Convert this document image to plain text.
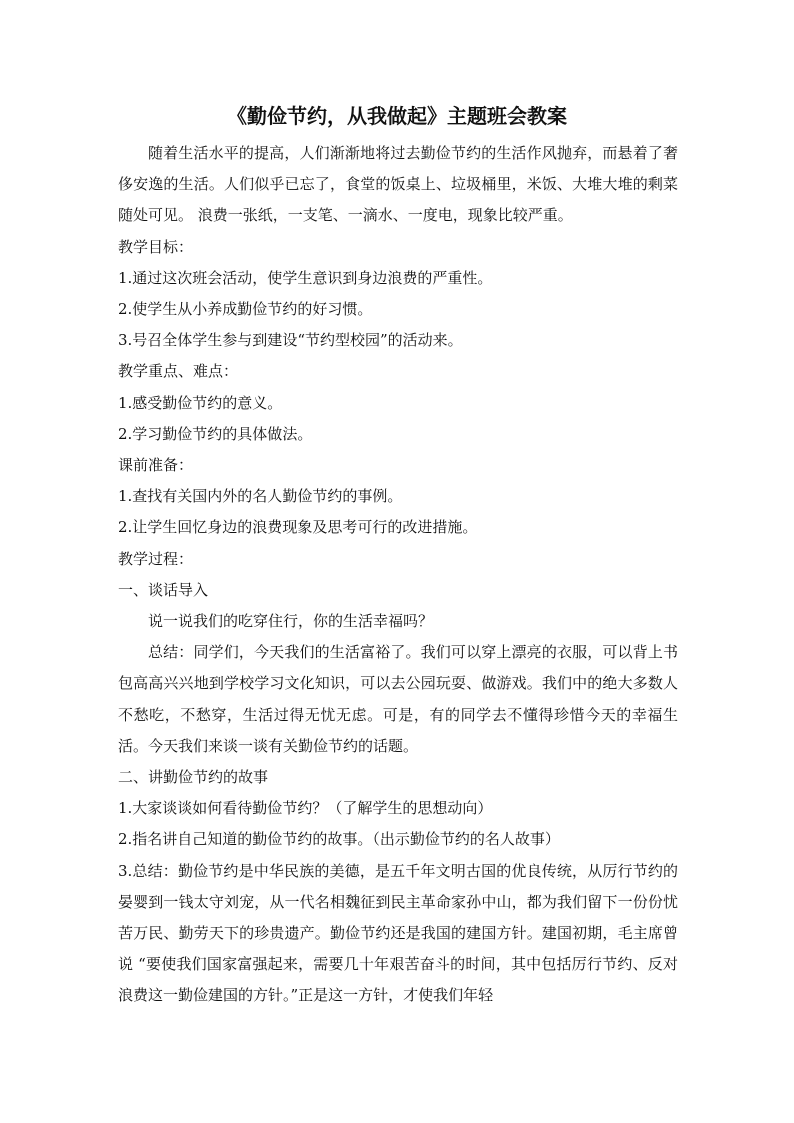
《勤俭节约，从我做起》主题班会教案

随着生活水平的提高，人们渐渐地将过去勤俭节约的生活作风抛弃，而悬着了奢侈安逸的生活。人们似乎已忘了，食堂的饭桌上、垃圾桶里，米饭、大堆大堆的剩菜随处可见。 浪费一张纸，一支笔、一滴水、一度电，现象比较严重。

教学目标：

1.通过这次班会活动，使学生意识到身边浪费的严重性。

2.使学生从小养成勤俭节约的好习惯。

3.号召全体学生参与到建设“节约型校园”的活动来。

教学重点、难点：

1.感受勤俭节约的意义。

2.学习勤俭节约的具体做法。

课前准备：

1.查找有关国内外的名人勤俭节约的事例。

2.让学生回忆身边的浪费现象及思考可行的改进措施。

教学过程：

一、谈话导入

说一说我们的吃穿住行，你的生活幸福吗？

总结：同学们，今天我们的生活富裕了。我们可以穿上漂亮的衣服，可以背上书包高高兴兴地到学校学习文化知识，可以去公园玩耍、做游戏。我们中的绝大多数人不愁吃，不愁穿，生活过得无忧无虑。可是，有的同学去不懂得珍惜今天的幸福生活。今天我们来谈一谈有关勤俭节约的话题。

二、讲勤俭节约的故事

1.大家谈谈如何看待勤俭节约？（了解学生的思想动向）

2.指名讲自己知道的勤俭节约的故事。（出示勤俭节约的名人故事）

3.总结：勤俭节约是中华民族的美德，是五千年文明古国的优良传统，从厉行节约的晏婴到一钱太守刘宠，从一代名相魏征到民主革命家孙中山，都为我们留下一份份忧苦万民、勤劳天下的珍贵遗产。勤俭节约还是我国的建国方针。建国初期，毛主席曾说 “要使我们国家富强起来，需要几十年艰苦奋斗的时间，其中包括厉行节约、反对浪费这一勤俭建国的方针。”正是这一方针，才使我们年轻
